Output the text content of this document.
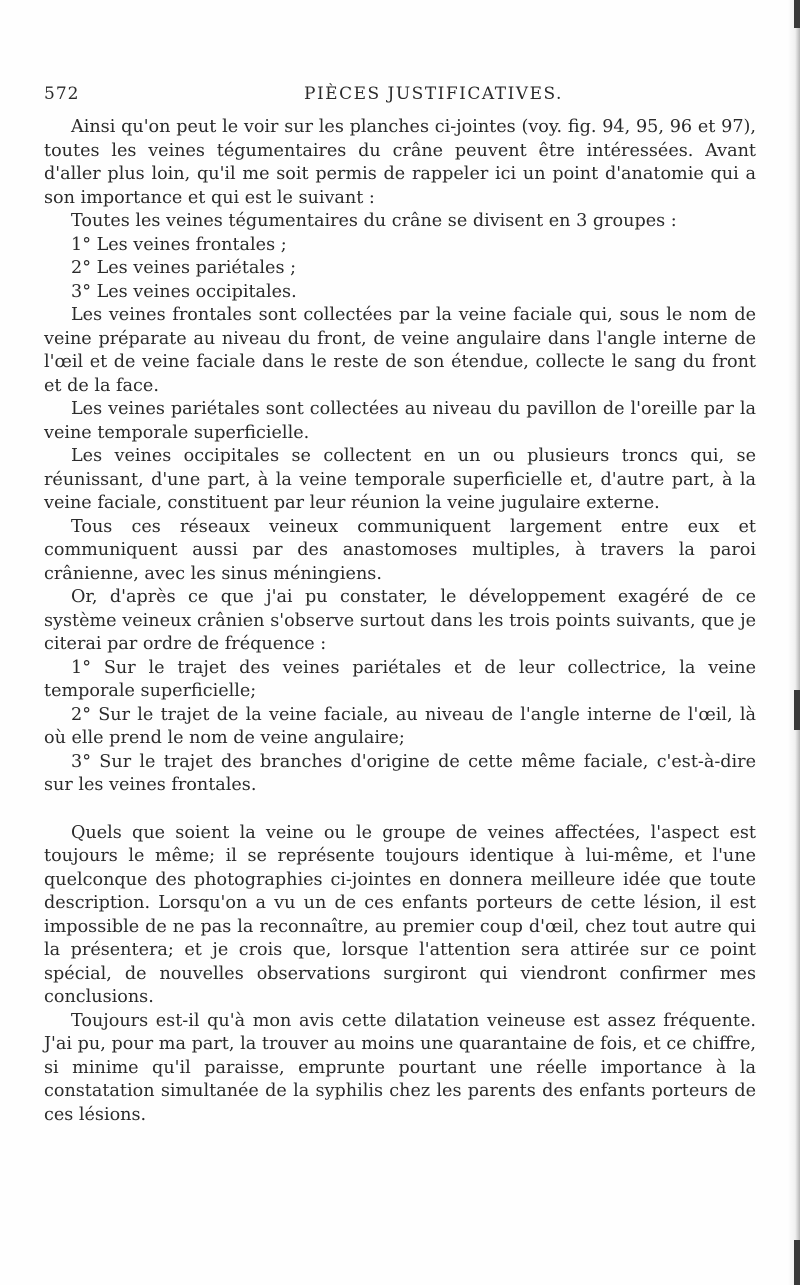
572	PIÈCES JUSTIFICATIVES.

Ainsi qu'on peut le voir sur les planches ci-jointes (voy. fig. 94, 95, 96 et 97), toutes les veines tégumentaires du crâne peuvent être intéressées. Avant d'aller plus loin, qu'il me soit permis de rappeler ici un point d'anatomie qui a son importance et qui est le suivant :

Toutes les veines tégumentaires du crâne se divisent en 3 groupes :

1° Les veines frontales ;

2° Les veines pariétales ;

3° Les veines occipitales.

Les veines frontales sont collectées par la veine faciale qui, sous le nom de veine préparate au niveau du front, de veine angulaire dans l'angle interne de l'œil et de veine faciale dans le reste de son étendue, collecte le sang du front et de la face.

Les veines pariétales sont collectées au niveau du pavillon de l'oreille par la veine temporale superficielle.

Les veines occipitales se collectent en un ou plusieurs troncs qui, se réunissant, d'une part, à la veine temporale superficielle et, d'autre part, à la veine faciale, constituent par leur réunion la veine jugulaire externe.

Tous ces réseaux veineux communiquent largement entre eux et communiquent aussi par des anastomoses multiples, à travers la paroi crânienne, avec les sinus méningiens.

Or, d'après ce que j'ai pu constater, le développement exagéré de ce système veineux crânien s'observe surtout dans les trois points suivants, que je citerai par ordre de fréquence :

1° Sur le trajet des veines pariétales et de leur collectrice, la veine temporale superficielle;

2° Sur le trajet de la veine faciale, au niveau de l'angle interne de l'œil, là où elle prend le nom de veine angulaire;

3° Sur le trajet des branches d'origine de cette même faciale, c'est-à-dire sur les veines frontales.

Quels que soient la veine ou le groupe de veines affectées, l'aspect est toujours le même; il se représente toujours identique à lui-même, et l'une quelconque des photographies ci-jointes en donnera meilleure idée que toute description. Lorsqu'on a vu un de ces enfants porteurs de cette lésion, il est impossible de ne pas la reconnaître, au premier coup d'œil, chez tout autre qui la présentera; et je crois que, lorsque l'attention sera attirée sur ce point spécial, de nouvelles observations surgiront qui viendront confirmer mes conclusions.

Toujours est-il qu'à mon avis cette dilatation veineuse est assez fréquente. J'ai pu, pour ma part, la trouver au moins une quarantaine de fois, et ce chiffre, si minime qu'il paraisse, emprunte pourtant une réelle importance à la constatation simultanée de la syphilis chez les parents des enfants porteurs de ces lésions.
